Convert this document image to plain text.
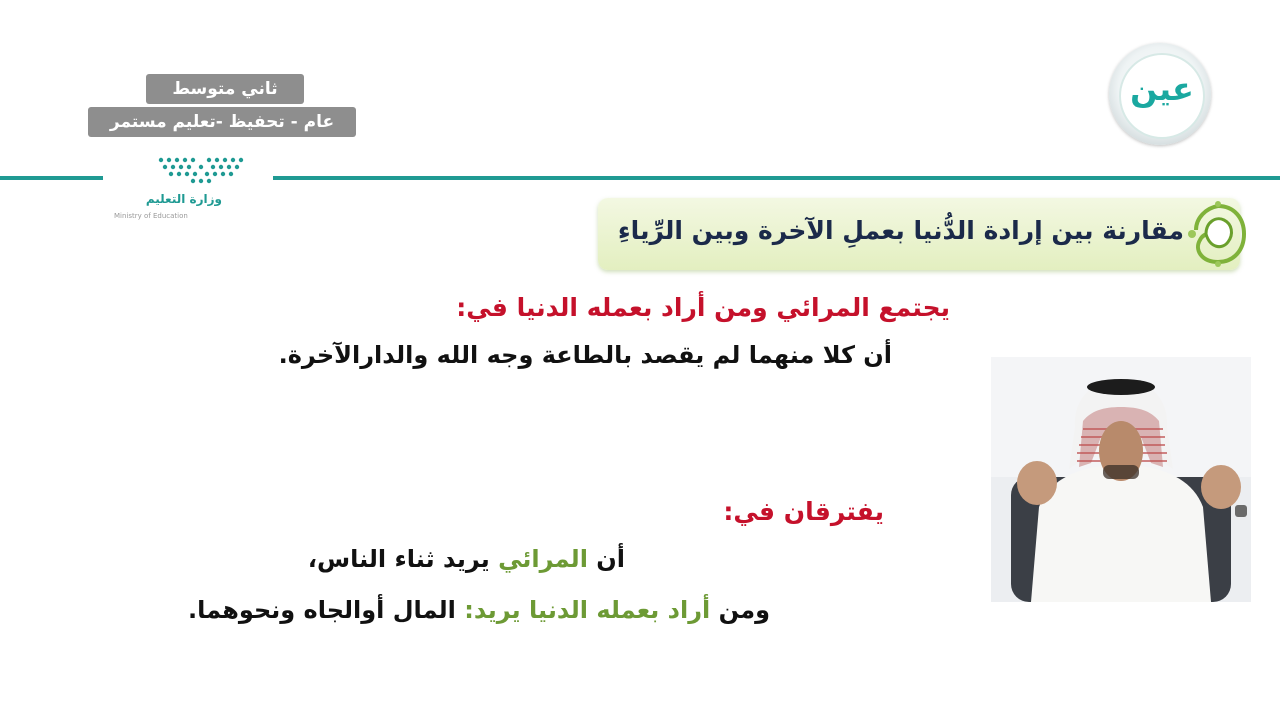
ثاني متوسط
عام - تحفيظ -تعليم مستمر
وزارة التعليم
Ministry of Education
عين
مقارنة بين إرادة الدُّنيا بعملِ الآخرة وبين الرِّياءِ
يجتمع المرائي ومن أراد بعمله الدنيا في:
أن كلا منهما لم يقصد بالطاعة وجه الله والدارالآخرة.
يفترقان في:
أن المرائي يريد ثناء الناس،
ومن أراد بعمله الدنيا يريد: المال أوالجاه ونحوهما.
